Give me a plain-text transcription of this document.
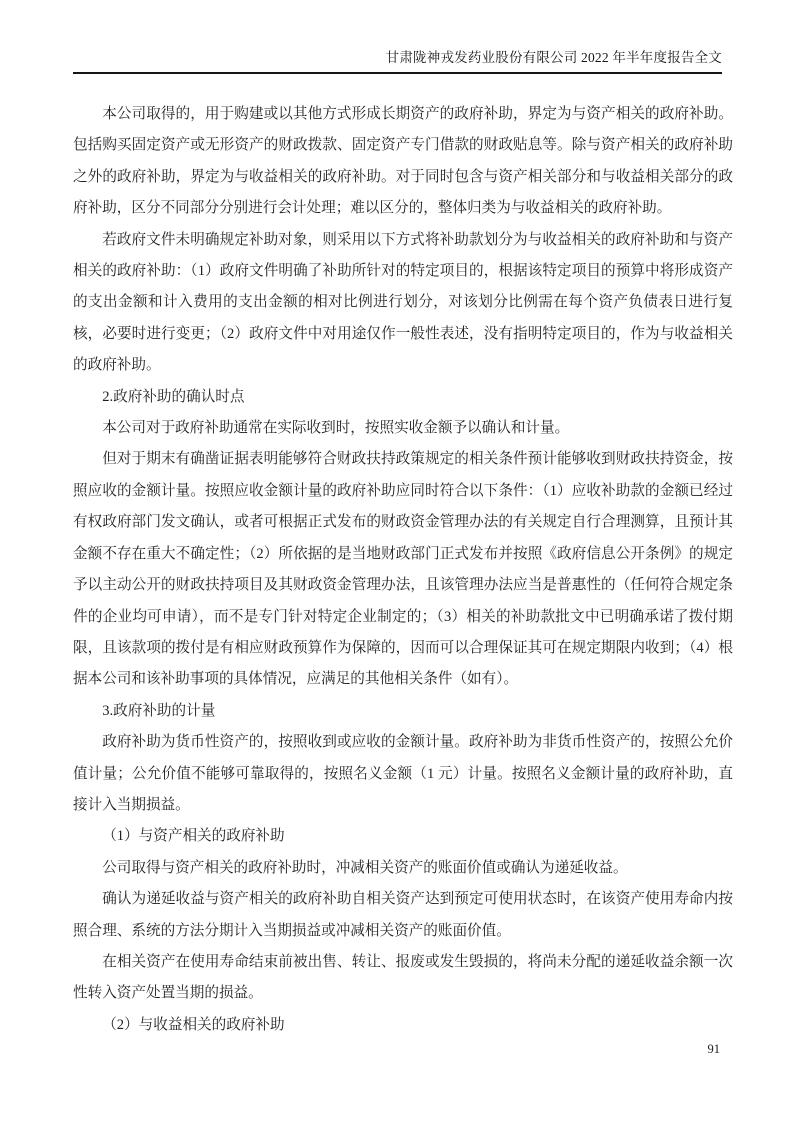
甘肃陇神戎发药业股份有限公司 2022 年半年度报告全文

本公司取得的，用于购建或以其他方式形成长期资产的政府补助，界定为与资产相关的政府补助。包括购买固定资产或无形资产的财政拨款、固定资产专门借款的财政贴息等。除与资产相关的政府补助之外的政府补助，界定为与收益相关的政府补助。对于同时包含与资产相关部分和与收益相关部分的政府补助，区分不同部分分别进行会计处理；难以区分的，整体归类为与收益相关的政府补助。

若政府文件未明确规定补助对象，则采用以下方式将补助款划分为与收益相关的政府补助和与资产相关的政府补助：（1）政府文件明确了补助所针对的特定项目的，根据该特定项目的预算中将形成资产的支出金额和计入费用的支出金额的相对比例进行划分，对该划分比例需在每个资产负债表日进行复核，必要时进行变更；（2）政府文件中对用途仅作一般性表述，没有指明特定项目的，作为与收益相关的政府补助。

2.政府补助的确认时点

本公司对于政府补助通常在实际收到时，按照实收金额予以确认和计量。

但对于期末有确凿证据表明能够符合财政扶持政策规定的相关条件预计能够收到财政扶持资金，按照应收的金额计量。按照应收金额计量的政府补助应同时符合以下条件：（1）应收补助款的金额已经过有权政府部门发文确认，或者可根据正式发布的财政资金管理办法的有关规定自行合理测算，且预计其金额不存在重大不确定性；（2）所依据的是当地财政部门正式发布并按照《政府信息公开条例》的规定予以主动公开的财政扶持项目及其财政资金管理办法，且该管理办法应当是普惠性的（任何符合规定条件的企业均可申请），而不是专门针对特定企业制定的；（3）相关的补助款批文中已明确承诺了拨付期限，且该款项的拨付是有相应财政预算作为保障的，因而可以合理保证其可在规定期限内收到；（4）根据本公司和该补助事项的具体情况，应满足的其他相关条件（如有）。

3.政府补助的计量

政府补助为货币性资产的，按照收到或应收的金额计量。政府补助为非货币性资产的，按照公允价值计量；公允价值不能够可靠取得的，按照名义金额（1 元）计量。按照名义金额计量的政府补助，直接计入当期损益。

（1）与资产相关的政府补助

公司取得与资产相关的政府补助时，冲减相关资产的账面价值或确认为递延收益。

确认为递延收益与资产相关的政府补助自相关资产达到预定可使用状态时，在该资产使用寿命内按照合理、系统的方法分期计入当期损益或冲减相关资产的账面价值。

在相关资产在使用寿命结束前被出售、转让、报废或发生毁损的，将尚未分配的递延收益余额一次性转入资产处置当期的损益。

（2）与收益相关的政府补助

91
